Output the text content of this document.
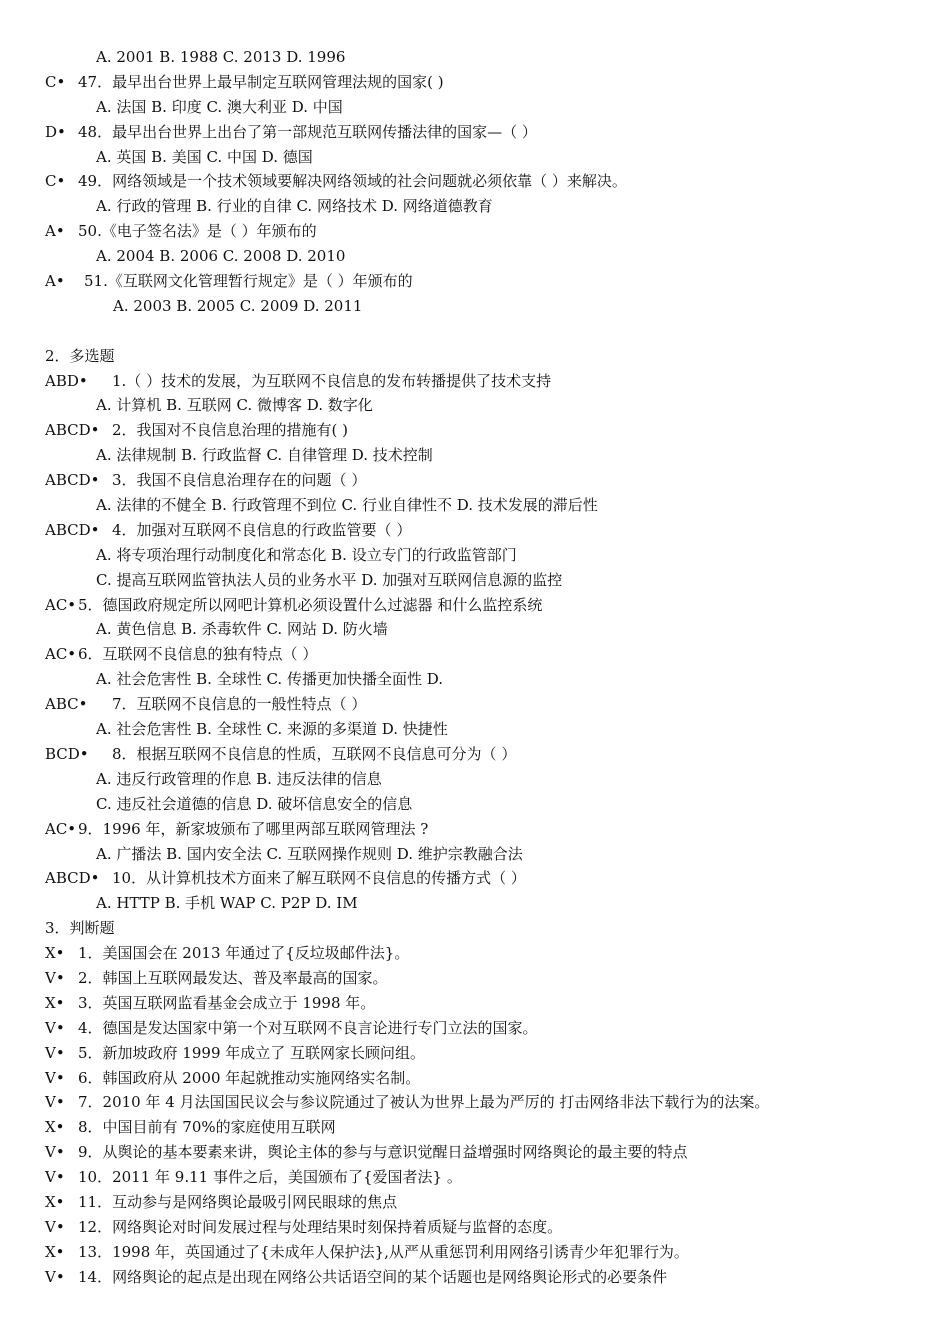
A. 2001 B. 1988 C. 2013 D. 1996
C• 47．最早出台世界上最早制定互联网管理法规的国家( )
A. 法国 B. 印度 C. 澳大利亚 D. 中国
D• 48．最早出台世界上出台了第一部规范互联网传播法律的国家—（ ）
A. 英国 B. 美国 C. 中国 D. 德国
C• 49．网络领域是一个技术领域要解决网络领域的社会问题就必须依靠（ ）来解决。
A. 行政的管理 B. 行业的自律 C. 网络技术 D. 网络道德教育
A• 50.《电子签名法》是（ ）年颁布的
A. 2004 B. 2006 C. 2008 D. 2010
A• 51.《互联网文化管理暂行规定》是（ ）年颁布的
A. 2003 B. 2005 C. 2009 D. 2011
2．多选题
ABD• 1.（ ）技术的发展，为互联网不良信息的发布转播提供了技术支持
A. 计算机 B. 互联网 C. 微博客 D. 数字化
ABCD• 2．我国对不良信息治理的措施有( )
A. 法律规制 B. 行政监督 C. 自律管理 D. 技术控制
ABCD• 3．我国不良信息治理存在的问题（ ）
A. 法律的不健全 B. 行政管理不到位 C. 行业自律性不 D. 技术发展的滞后性
ABCD• 4．加强对互联网不良信息的行政监管要（ ）
A. 将专项治理行动制度化和常态化 B. 设立专门的行政监管部门
C. 提高互联网监管执法人员的业务水平 D. 加强对互联网信息源的监控
AC• 5．德国政府规定所以网吧计算机必须设置什么过滤器 和什么监控系统
A. 黄色信息 B. 杀毒软件 C. 网站 D. 防火墙
AC• 6．互联网不良信息的独有特点（ ）
A. 社会危害性 B. 全球性 C. 传播更加快播全面性 D.
ABC• 7．互联网不良信息的一般性特点（ ）
A. 社会危害性 B. 全球性 C. 来源的多渠道 D. 快捷性
BCD• 8．根据互联网不良信息的性质，互联网不良信息可分为（ ）
A. 违反行政管理的作息 B. 违反法律的信息
C. 违反社会道德的信息 D. 破坏信息安全的信息
AC• 9．1996 年，新家坡颁布了哪里两部互联网管理法 ?
A. 广播法 B. 国内安全法 C. 互联网操作规则 D. 维护宗教融合法
ABCD• 10．从计算机技术方面来了解互联网不良信息的传播方式（ ）
A. HTTP B. 手机 WAP C. P2P D. IM
3．判断题
X• 1．美国国会在 2013 年通过了{反垃圾邮件法}。
V• 2．韩国上互联网最发达、普及率最高的国家。
X• 3．英国互联网监看基金会成立于 1998 年。
V• 4．德国是发达国家中第一个对互联网不良言论进行专门立法的国家。
V• 5．新加坡政府 1999 年成立了 互联网家长顾问组。
V• 6．韩国政府从 2000 年起就推动实施网络实名制。
V• 7．2010 年 4 月法国国民议会与参议院通过了被认为世界上最为严厉的 打击网络非法下载行为的法案。
X• 8．中国目前有 70%的家庭使用互联网
V• 9．从舆论的基本要素来讲，舆论主体的参与与意识觉醒日益增强时网络舆论的最主要的特点
V• 10．2011 年 9.11 事件之后，美国颁布了{爱国者法} 。
X• 11．互动参与是网络舆论最吸引网民眼球的焦点
V• 12．网络舆论对时间发展过程与处理结果时刻保持着质疑与监督的态度。
X• 13．1998 年，英国通过了{未成年人保护法},从严从重惩罚利用网络引诱青少年犯罪行为。
V• 14．网络舆论的起点是出现在网络公共话语空间的某个话题也是网络舆论形式的必要条件
